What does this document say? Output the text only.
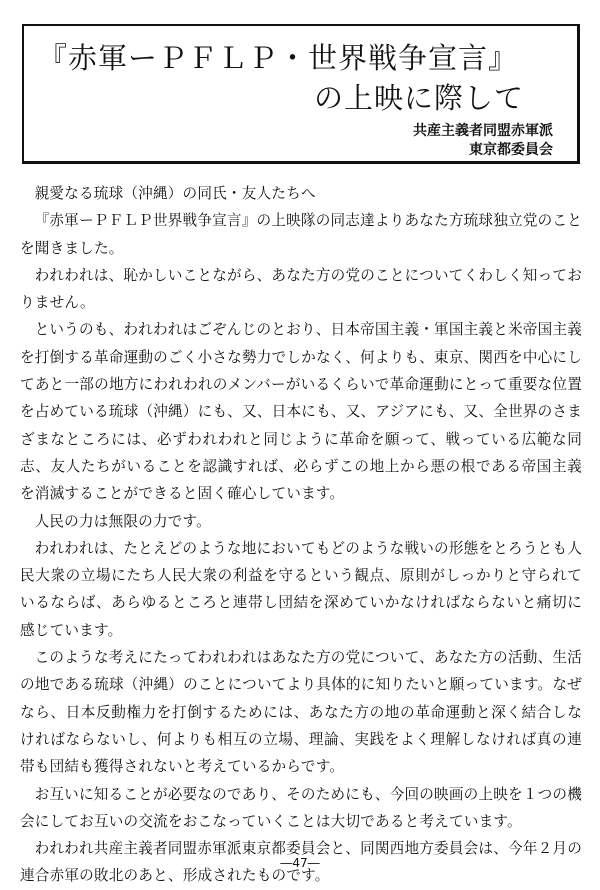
『赤軍ーＰＦＬＰ・世界戦争宣言』
の上映に際して
共産主義者同盟赤軍派
東京都委員会

親愛なる琉球（沖縄）の同氏・友人たちへ

『赤軍ーＰＦＬＰ世界戦争宣言』の上映隊の同志達よりあなた方琉球独立党のことを聞きました。

われわれは、恥かしいことながら、あなた方の党のことについてくわしく知っておりません。

というのも、われわれはごぞんじのとおり、日本帝国主義・軍国主義と米帝国主義を打倒する革命運動のごく小さな勢力でしかなく、何よりも、東京、関西を中心にしてあと一部の地方にわれわれのメンバーがいるくらいで革命運動にとって重要な位置を占めている琉球（沖縄）にも、又、日本にも、又、アジアにも、又、全世界のさまざまなところには、必ずわれわれと同じように革命を願って、戦っている広範な同志、友人たちがいることを認識すれば、必らずこの地上から悪の根である帝国主義を消滅することができると固く確心しています。

人民の力は無限の力です。

われわれは、たとえどのような地においてもどのような戦いの形態をとろうとも人民大衆の立場にたち人民大衆の利益を守るという観点、原則がしっかりと守られているならば、あらゆるところと連帯し団結を深めていかなければならないと痛切に感じています。

このような考えにたってわれわれはあなた方の党について、あなた方の活動、生活の地である琉球（沖縄）のことについてより具体的に知りたいと願っています。なぜなら、日本反動権力を打倒するためには、あなた方の地の革命運動と深く結合しなければならないし、何よりも相互の立場、理論、実践をよく理解しなければ真の連帯も団結も獲得されないと考えているからです。

お互いに知ることが必要なのであり、そのためにも、今回の映画の上映を１つの機会にしてお互いの交流をおこなっていくことは大切であると考えています。

われわれ共産主義者同盟赤軍派東京都委員会と、同関西地方委員会は、今年２月の連合赤軍の敗北のあと、形成されたものです。

―47―
